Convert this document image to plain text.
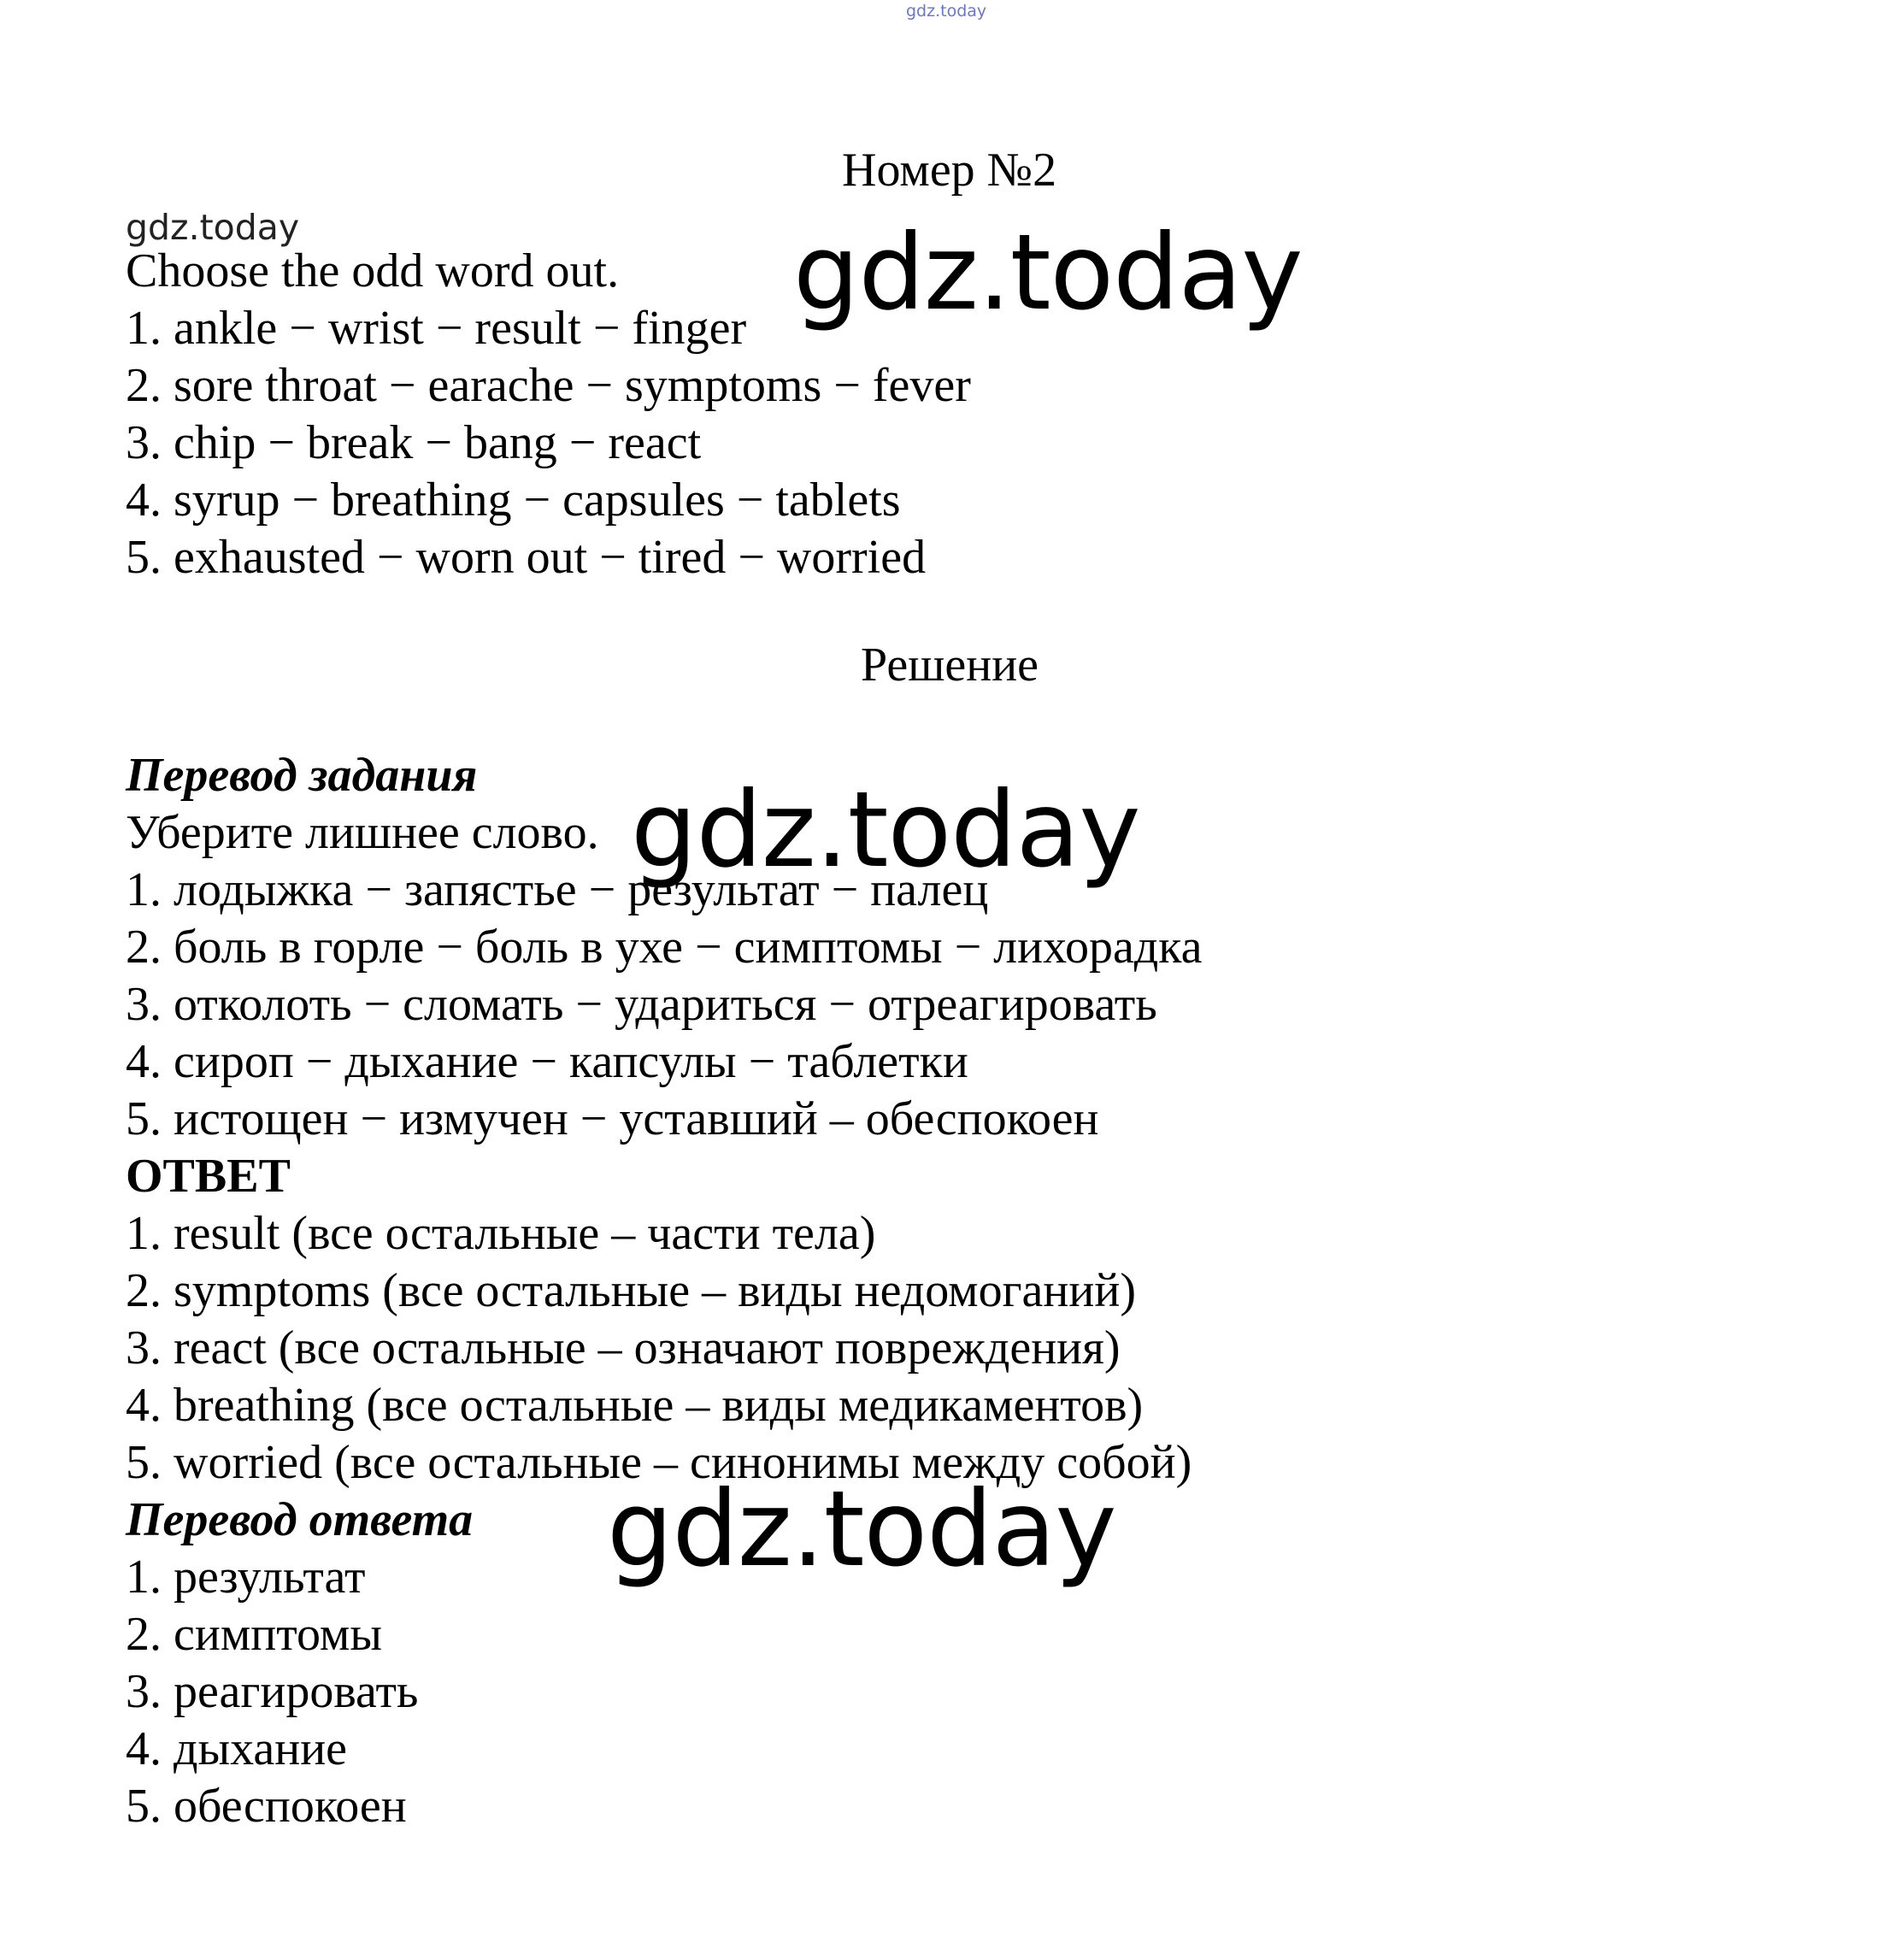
gdz.today
gdz.today	gdz.today
gdz.today
gdz.today
Номер №2
Choose the odd word out.
1. ankle − wrist − result − finger
2. sore throat − earache − symptoms − fever
3. chip − break − bang − react
4. syrup − breathing − capsules − tablets
5. exhausted − worn out − tired − worried
Решение
Перевод задания
Уберите лишнее слово.
1. лодыжка − запястье − результат − палец
2. боль в горле − боль в ухе − симптомы − лихорадка
3. отколоть − сломать − удариться − отреагировать
4. сироп − дыхание − капсулы − таблетки
5. истощен − измучен − уставший – обеспокоен
ОТВЕТ
1. result (все остальные – части тела)
2. symptoms (все остальные – виды недомоганий)
3. react (все остальные – означают повреждения)
4. breathing (все остальные – виды медикаментов)
5. worried (все остальные – синонимы между собой)
Перевод ответа
1. результат
2. симптомы
3. реагировать
4. дыхание
5. обеспокоен
